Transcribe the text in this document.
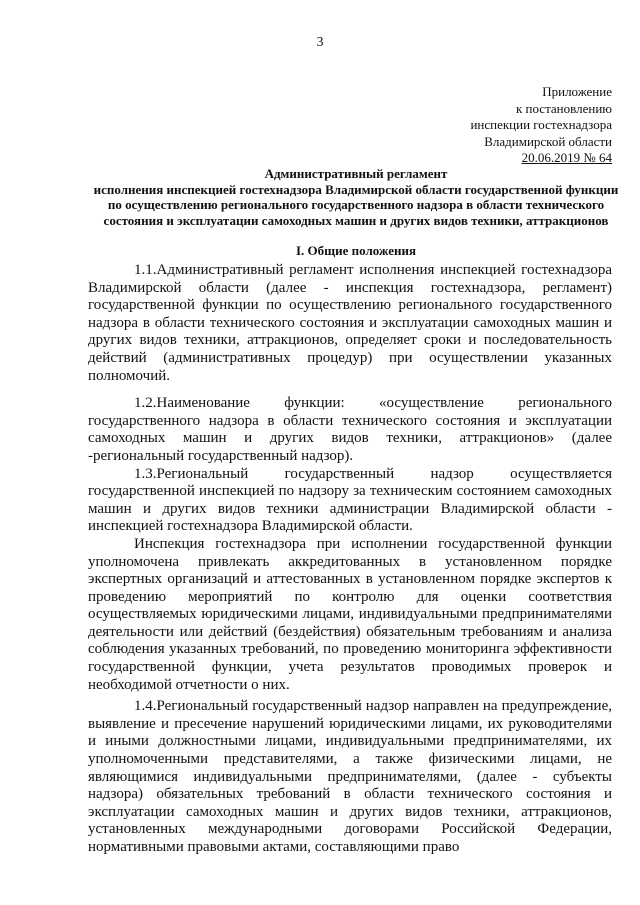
3
Приложение
к постановлению
инспекции гостехнадзора
Владимирской области
20.06.2019 № 64
Административный регламент
исполнения инспекцией гостехнадзора Владимирской области государственной функции по осуществлению регионального государственного надзора в области технического состояния и эксплуатации самоходных машин и других видов техники, аттракционов
I. Общие положения

1.1.Административный регламент исполнения инспекцией гостехнадзора Владимирской области (далее - инспекция гостехнадзора, регламент) государственной функции по осуществлению регионального государственного надзора в области технического состояния и эксплуатации самоходных машин и других видов техники, аттракционов, определяет сроки и последовательность действий (административных процедур) при осуществлении указанных полномочий.

1.2.Наименование функции: «осуществление регионального государственного надзора в области технического состояния и эксплуатации самоходных машин и других видов техники, аттракционов» (далее -региональный государственный надзор).

1.3.Региональный государственный надзор осуществляется государственной инспекцией по надзору за техническим состоянием самоходных машин и других видов техники администрации Владимирской области - инспекцией гостехнадзора Владимирской области.

Инспекция гостехнадзора при исполнении государственной функции уполномочена привлекать аккредитованных в установленном порядке экспертных организаций и аттестованных в установленном порядке экспертов к проведению мероприятий по контролю для оценки соответствия осуществляемых юридическими лицами, индивидуальными предпринимателями деятельности или действий (бездействия) обязательным требованиям и анализа соблюдения указанных требований, по проведению мониторинга эффективности государственной функции, учета результатов проводимых проверок и необходимой отчетности о них.

1.4.Региональный государственный надзор направлен на предупреждение, выявление и пресечение нарушений юридическими лицами, их руководителями и иными должностными лицами, индивидуальными предпринимателями, их уполномоченными представителями, а также физическими лицами, не являющимися индивидуальными предпринимателями, (далее - субъекты надзора) обязательных требований в области технического состояния и эксплуатации самоходных машин и других видов техники, аттракционов, установленных международными договорами Российской Федерации, нормативными правовыми актами, составляющими право
